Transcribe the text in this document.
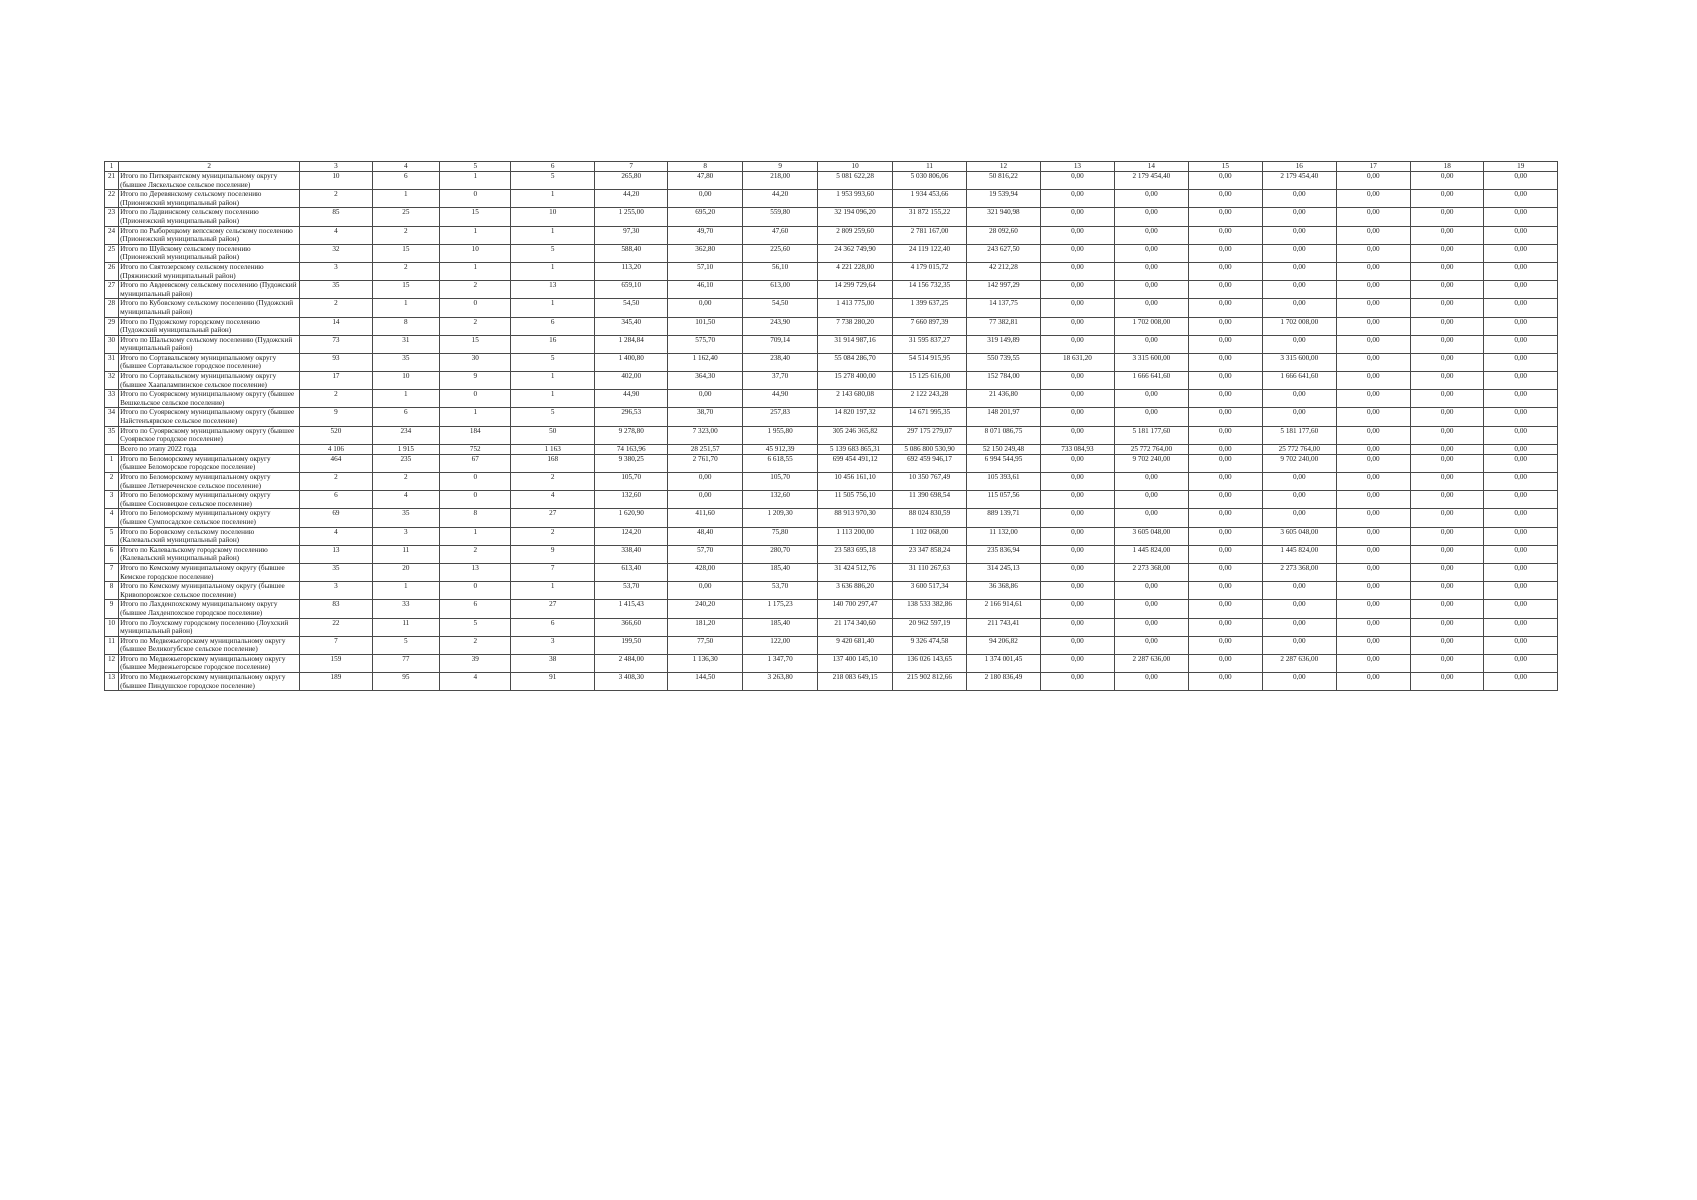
1	2	3	4	5	6	7	8	9	10	11	12	13	14	15	16	17	18	19
21	Итого по Питкярантскому муниципальному округу (бывшее Ляскельское сельское поселение)	10	6	1	5	265,80	47,80	218,00	5 081 622,28	5 030 806,06	50 816,22	0,00	2 179 454,40	0,00	2 179 454,40	0,00	0,00	0,00
22	Итого по Деревянскому сельскому поселению (Прионежский муниципальный район)	2	1	0	1	44,20	0,00	44,20	1 953 993,60	1 934 453,66	19 539,94	0,00	0,00	0,00	0,00	0,00	0,00	0,00
23	Итого по Ладвинскому сельскому поселению (Прионежский муниципальный район)	85	25	15	10	1 255,00	695,20	559,80	32 194 096,20	31 872 155,22	321 940,98	0,00	0,00	0,00	0,00	0,00	0,00	0,00
24	Итого по Рыборецкому вепсскому сельскому поселению (Прионежский муниципальный район)	4	2	1	1	97,30	49,70	47,60	2 809 259,60	2 781 167,00	28 092,60	0,00	0,00	0,00	0,00	0,00	0,00	0,00
25	Итого по Шуйскому сельскому поселению (Прионежский муниципальный район)	32	15	10	5	588,40	362,80	225,60	24 362 749,90	24 119 122,40	243 627,50	0,00	0,00	0,00	0,00	0,00	0,00	0,00
26	Итого по Святозерскому сельскому поселению (Пряжинский муниципальный район)	3	2	1	1	113,20	57,10	56,10	4 221 228,00	4 179 015,72	42 212,28	0,00	0,00	0,00	0,00	0,00	0,00	0,00
27	Итого по Авдеевскому сельскому поселению (Пудожский муниципальный район)	35	15	2	13	659,10	46,10	613,00	14 299 729,64	14 156 732,35	142 997,29	0,00	0,00	0,00	0,00	0,00	0,00	0,00
28	Итого по Кубовскому сельскому поселению (Пудожский муниципальный район)	2	1	0	1	54,50	0,00	54,50	1 413 775,00	1 399 637,25	14 137,75	0,00	0,00	0,00	0,00	0,00	0,00	0,00
29	Итого по Пудожскому городскому поселению (Пудожский муниципальный район)	14	8	2	6	345,40	101,50	243,90	7 738 280,20	7 660 897,39	77 382,81	0,00	1 702 008,00	0,00	1 702 008,00	0,00	0,00	0,00
30	Итого по Шальскому сельскому поселению (Пудожский муниципальный район)	73	31	15	16	1 284,84	575,70	709,14	31 914 987,16	31 595 837,27	319 149,89	0,00	0,00	0,00	0,00	0,00	0,00	0,00
31	Итого по Сортавальскому муниципальному округу (бывшее Сортавальское городское поселение)	93	35	30	5	1 400,80	1 162,40	238,40	55 084 286,70	54 514 915,95	550 739,55	18 631,20	3 315 600,00	0,00	3 315 600,00	0,00	0,00	0,00
32	Итого по Сортавальскому муниципальному округу (бывшее Хаапалампинское сельское поселение)	17	10	9	1	402,00	364,30	37,70	15 278 400,00	15 125 616,00	152 784,00	0,00	1 666 641,60	0,00	1 666 641,60	0,00	0,00	0,00
33	Итого по Суоярвскому муниципальному округу (бывшее Вешкельское сельское поселение)	2	1	0	1	44,90	0,00	44,90	2 143 680,08	2 122 243,28	21 436,80	0,00	0,00	0,00	0,00	0,00	0,00	0,00
34	Итого по Суоярвскому муниципальному округу (бывшее Найстенъярвское сельское поселение)	9	6	1	5	296,53	38,70	257,83	14 820 197,32	14 671 995,35	148 201,97	0,00	0,00	0,00	0,00	0,00	0,00	0,00
35	Итого по Суоярвскому муниципальному округу (бывшее Суоярвское городское поселение)	520	234	184	50	9 278,80	7 323,00	1 955,80	305 246 365,82	297 175 279,07	8 071 086,75	0,00	5 181 177,60	0,00	5 181 177,60	0,00	0,00	0,00
	Всего по этапу 2022 года	4 106	1 915	752	1 163	74 163,96	28 251,57	45 912,39	5 139 683 865,31	5 086 800 530,90	52 150 249,48	733 084,93	25 772 764,00	0,00	25 772 764,00	0,00	0,00	0,00
1	Итого по Беломорскому муниципальному округу (бывшее Беломорское городское поселение)	464	235	67	168	9 380,25	2 761,70	6 618,55	699 454 491,12	692 459 946,17	6 994 544,95	0,00	9 702 240,00	0,00	9 702 240,00	0,00	0,00	0,00
2	Итого по Беломорскому муниципальному округу (бывшее Летнереченское сельское поселение)	2	2	0	2	105,70	0,00	105,70	10 456 161,10	10 350 767,49	105 393,61	0,00	0,00	0,00	0,00	0,00	0,00	0,00
3	Итого по Беломорскому муниципальному округу (бывшее Сосновецкое сельское поселение)	6	4	0	4	132,60	0,00	132,60	11 505 756,10	11 390 698,54	115 057,56	0,00	0,00	0,00	0,00	0,00	0,00	0,00
4	Итого по Беломорскому муниципальному округу (бывшее Сумпосадское сельское поселение)	69	35	8	27	1 620,90	411,60	1 209,30	88 913 970,30	88 024 830,59	889 139,71	0,00	0,00	0,00	0,00	0,00	0,00	0,00
5	Итого по Боровскому сельскому поселению (Калевальский муниципальный район)	4	3	1	2	124,20	48,40	75,80	1 113 200,00	1 102 068,00	11 132,00	0,00	3 605 048,00	0,00	3 605 048,00	0,00	0,00	0,00
6	Итого по Калевальскому городскому поселению (Калевальский муниципальный район)	13	11	2	9	338,40	57,70	280,70	23 583 695,18	23 347 858,24	235 836,94	0,00	1 445 824,00	0,00	1 445 824,00	0,00	0,00	0,00
7	Итого по Кемскому муниципальному округу (бывшее Кемское городское поселение)	35	20	13	7	613,40	428,00	185,40	31 424 512,76	31 110 267,63	314 245,13	0,00	2 273 368,00	0,00	2 273 368,00	0,00	0,00	0,00
8	Итого по Кемскому муниципальному округу (бывшее Кривопорожское сельское поселение)	3	1	0	1	53,70	0,00	53,70	3 636 886,20	3 600 517,34	36 368,86	0,00	0,00	0,00	0,00	0,00	0,00	0,00
9	Итого по Лахденпохскому муниципальному округу (бывшее Лахденпохское городское поселение)	83	33	6	27	1 415,43	240,20	1 175,23	140 700 297,47	138 533 382,86	2 166 914,61	0,00	0,00	0,00	0,00	0,00	0,00	0,00
10	Итого по Лоухскому городскому поселению (Лоухский муниципальный район)	22	11	5	6	366,60	181,20	185,40	21 174 340,60	20 962 597,19	211 743,41	0,00	0,00	0,00	0,00	0,00	0,00	0,00
11	Итого по Медвежьегорскому муниципальному округу (бывшее Великогубское сельское поселение)	7	5	2	3	199,50	77,50	122,00	9 420 681,40	9 326 474,58	94 206,82	0,00	0,00	0,00	0,00	0,00	0,00	0,00
12	Итого по Медвежьегорскому муниципальному округу (бывшее Медвежьегорское городское поселение)	159	77	39	38	2 484,00	1 136,30	1 347,70	137 400 145,10	136 026 143,65	1 374 001,45	0,00	2 287 636,00	0,00	2 287 636,00	0,00	0,00	0,00
13	Итого по Медвежьегорскому муниципальному округу (бывшее Пиндушское городское поселение)	189	95	4	91	3 408,30	144,50	3 263,80	218 083 649,15	215 902 812,66	2 180 836,49	0,00	0,00	0,00	0,00	0,00	0,00	0,00
